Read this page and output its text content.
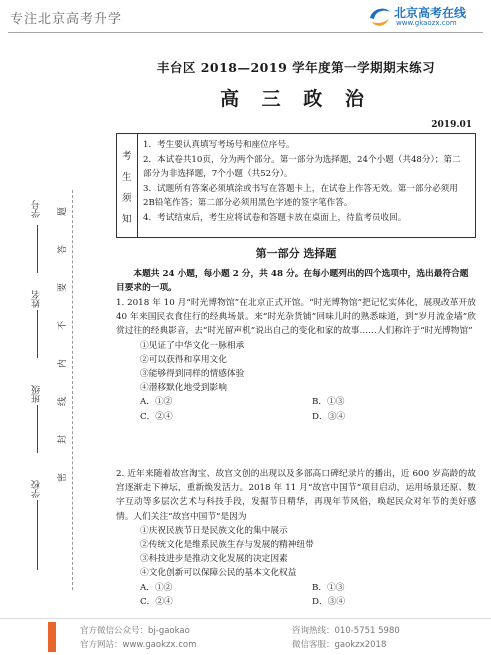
专注北京高考升学	北京高考在线
www.gkaozx.com
学号
姓名
班级
学校
题
答
要
不
内
线
封
密
丰台区 2018—2019 学年度第一学期期末练习
高 三 政 治
2019.01
考
生
须
知
1．考生要认真填写考场号和座位序号。
2．本试卷共10页，分为两个部分。第一部分为选择题，24个小题（共48分）；第二部分为非选择题，7个小题（共52分）。
3．试题所有答案必须填涂或书写在答题卡上，在试卷上作答无效。第一部分必须用2B铅笔作答；第二部分必须用黑色字迹的签字笔作答。
4．考试结束后，考生应将试卷和答题卡放在桌面上，待监考员收回。
第一部分 选择题
本题共 24 小题，每小题 2 分，共 48 分。在每小题列出的四个选项中，选出最符合题目要求的一项。
1. 2018 年 10 月“时光博物馆”在北京正式开馆。“时光博物馆”把记忆实体化，展现改革开放 40 年来国民衣食住行的经典场景。来“时光杂货铺”回味儿时的熟悉味道，到“岁月流金墙”欣赏过往的经典影音，去“时光留声机”说出自己的变化和家的故事……人们称许于“时光博物馆”
①见证了中华文化一脉相承
②可以获得和享用文化
③能够得到同样的情感体验
④潜移默化地受到影响
A．①②	B．①③
C．②④	D．③④
2. 近年来随着故宫淘宝、故宫文创的出现以及多部高口碑纪录片的播出，近 600 岁高龄的故宫逐渐走下神坛，重新焕发活力。2018 年 11 月“故宫中国节”项目启动，运用场景还原、数字互动等多层次艺术与科技手段，发掘节日精华，再现年节风俗，唤起民众对年节的美好感情。人们关注“故宫中国节”是因为
①庆祝民族节日是民族文化的集中展示
②传统文化是维系民族生存与发展的精神纽带
③科技进步是推动文化发展的决定因素
④文化创新可以保障公民的基本文化权益
A．①②	B．①③
C．②④	D．③④
官方微信公众号：bj-gaokao
官方网站：www.gaokzx.com
咨询热线：010-5751 5980
微信客服：gaokzx2018
